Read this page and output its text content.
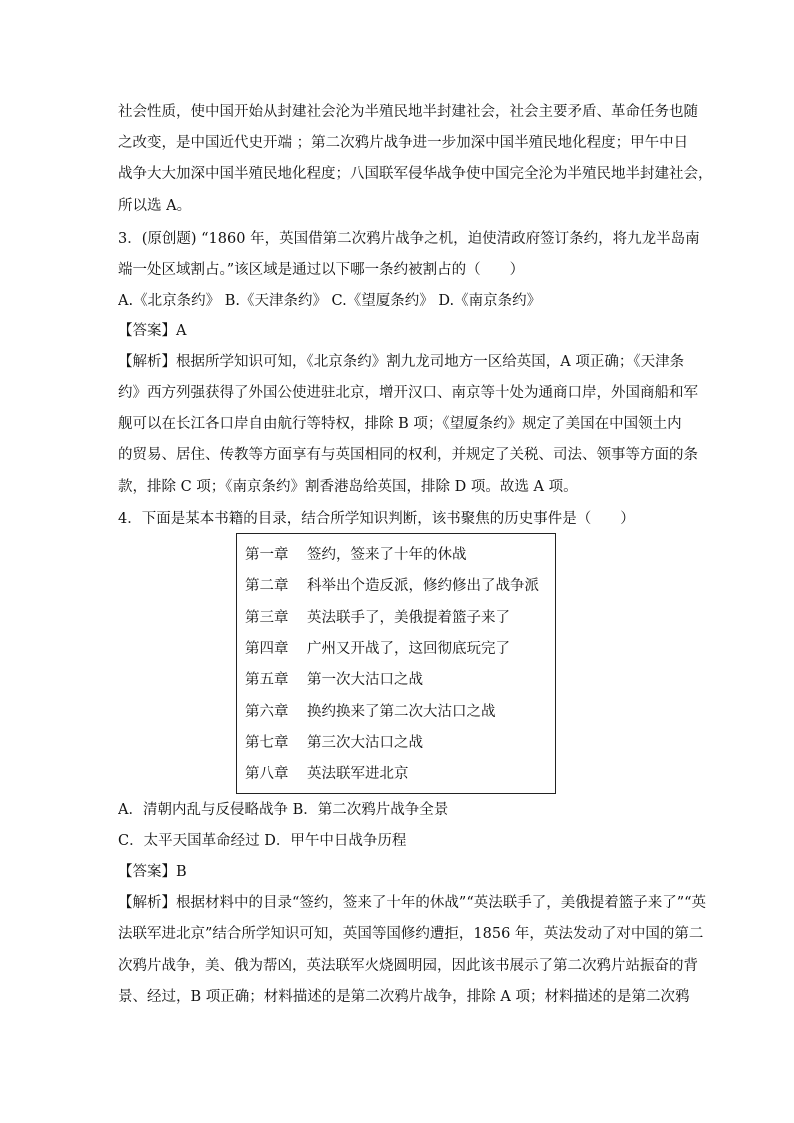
社会性质，使中国开始从封建社会沦为半殖民地半封建社会，社会主要矛盾、革命任务也随
之改变，是中国近代史开端 ；第二次鸦片战争进一步加深中国半殖民地化程度；甲午中日
战争大大加深中国半殖民地化程度；八国联军侵华战争使中国完全沦为半殖民地半封建社会，
所以选 A。
3．(原创题) “1860 年，英国借第二次鸦片战争之机，迫使清政府签订条约，将九龙半岛南
端一处区域割占。”该区域是通过以下哪一条约被割占的（　　）
A.《北京条约》 B.《天津条约》 C.《望厦条约》 D.《南京条约》
【答案】A
【解析】根据所学知识可知，《北京条约》割九龙司地方一区给英国，A 项正确；《天津条
约》西方列强获得了外国公使进驻北京，增开汉口、南京等十处为通商口岸，外国商船和军
舰可以在长江各口岸自由航行等特权，排除 B 项；《望厦条约》规定了美国在中国领土内
的贸易、居住、传教等方面享有与英国相同的权利，并规定了关税、司法、领事等方面的条
款，排除 C 项；《南京条约》割香港岛给英国，排除 D 项。故选 A 项。
4．下面是某本书籍的目录，结合所学知识判断，该书聚焦的历史事件是（　　）
第一章 签约，签来了十年的休战
第二章 科举出个造反派，修约修出了战争派
第三章 英法联手了，美俄提着篮子来了
第四章 广州又开战了，这回彻底玩完了
第五章 第一次大沽口之战
第六章 换约换来了第二次大沽口之战
第七章 第三次大沽口之战
第八章 英法联军进北京
A．清朝内乱与反侵略战争 B．第二次鸦片战争全景
C．太平天国革命经过 D．甲午中日战争历程
【答案】B
【解析】根据材料中的目录“签约，签来了十年的休战”“英法联手了，美俄提着篮子来了”“英
法联军进北京”结合所学知识可知，英国等国修约遭拒，1856 年，英法发动了对中国的第二
次鸦片战争，美、俄为帮凶，英法联军火烧圆明园，因此该书展示了第二次鸦片站振奋的背
景、经过，B 项正确；材料描述的是第二次鸦片战争，排除 A 项；材料描述的是第二次鸦
